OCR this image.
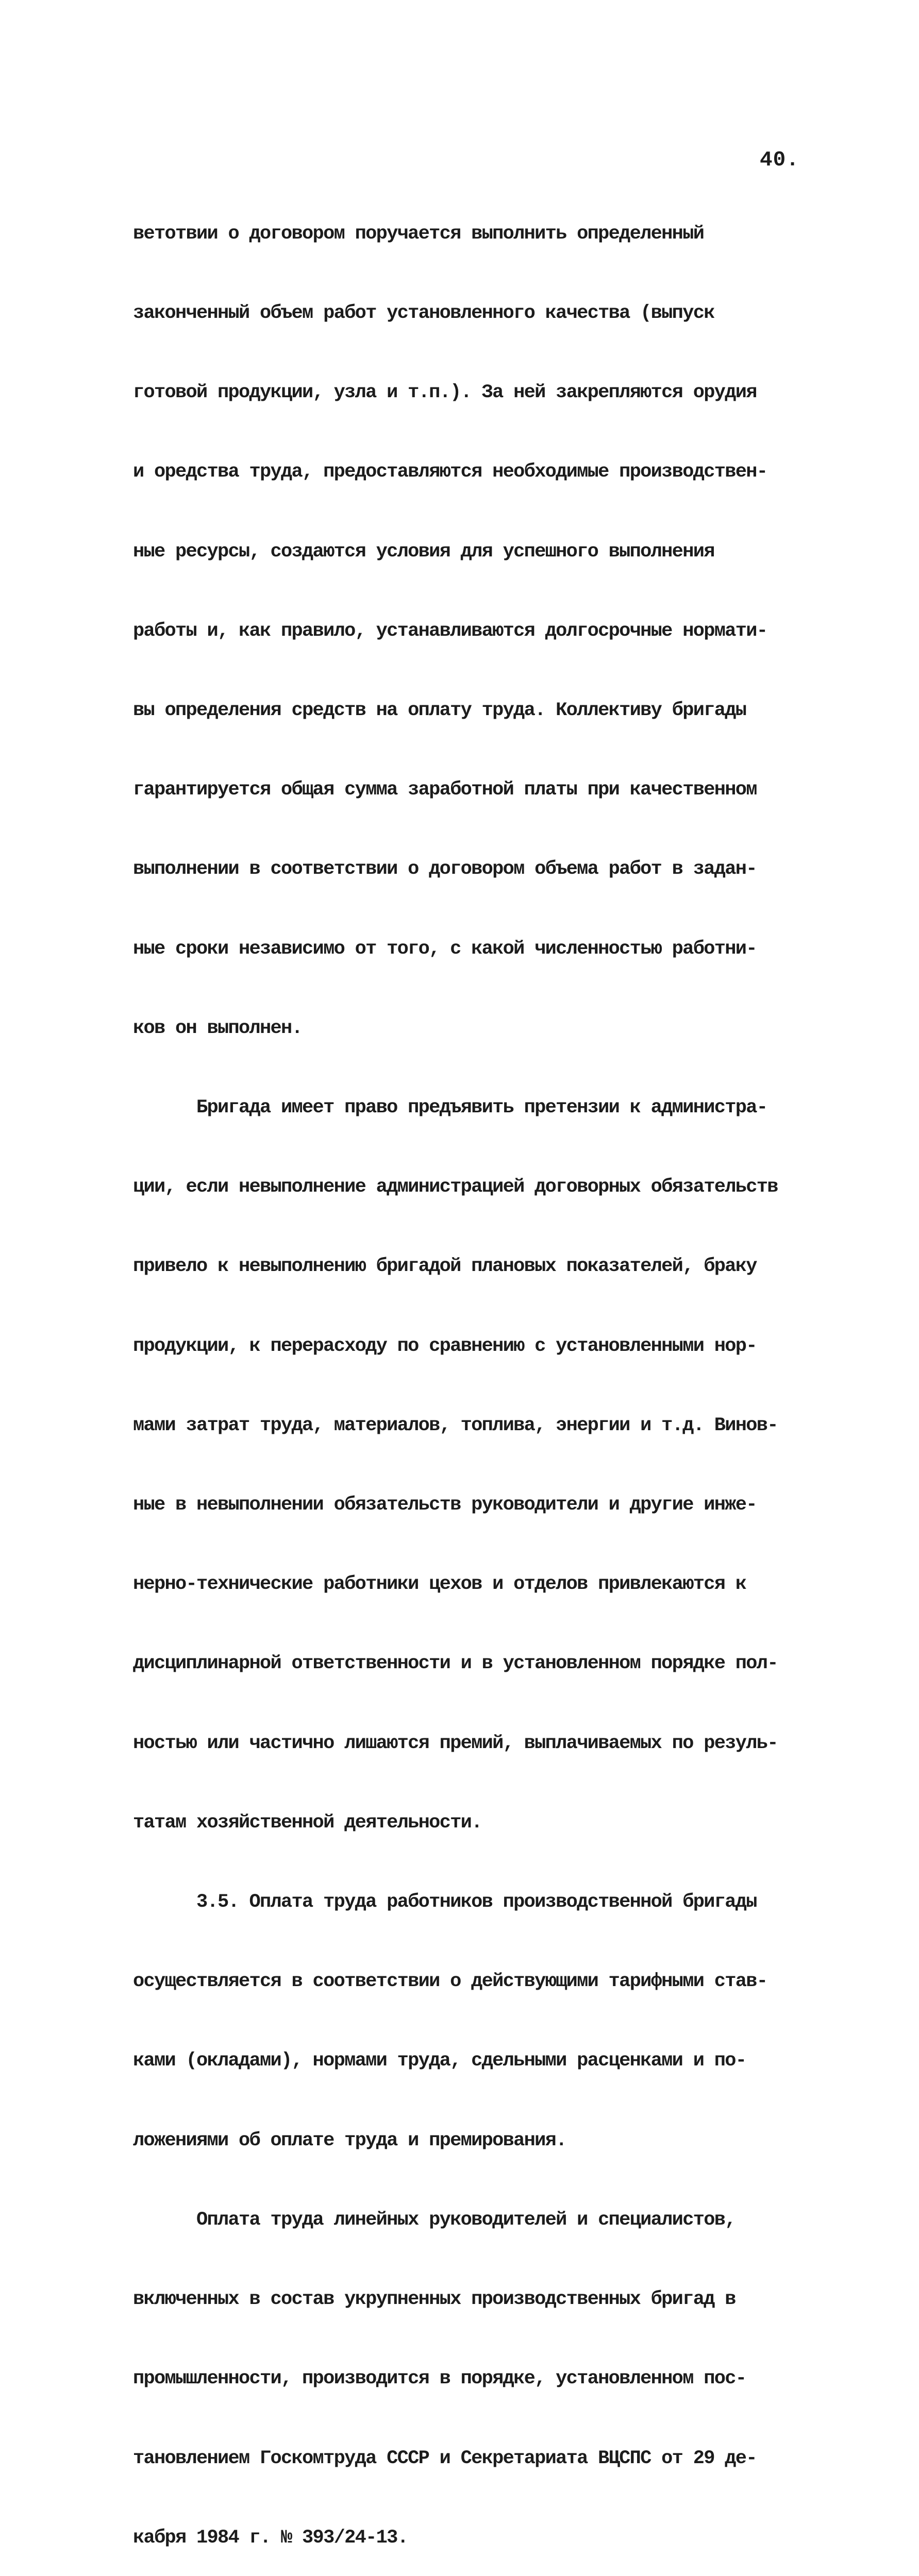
40.

ветотвии о договором поручается выполнить определенный

законченный объем работ установленного качества (выпуск

готовой продукции, узла и т.п.). За ней закрепляются орудия

и оредства труда, предоставляются необходимые производствен-

ные ресурсы, создаются условия для успешного выполнения

работы и, как правило, устанавливаются долгосрочные нормати-

вы определения средств на оплату труда. Коллективу бригады

гарантируется общая сумма заработной платы при качественном

выполнении в соответствии о договором объема работ в задан-

ные сроки независимо от того, с какой численностью работни-

ков он выполнен.

Бригада имеет право предъявить претензии к администра-

ции, если невыполнение администрацией договорных обязательств

привело к невыполнению бригадой плановых показателей, браку

продукции, к перерасходу по сравнению с установленными нор-

мами затрат труда, материалов, топлива, энергии и т.д. Винов-

ные в невыполнении обязательств руководители и другие инже-

нерно-технические работники цехов и отделов привлекаются к

дисциплинарной ответственности и в установленном порядке пол-

ностью или частично лишаются премий, выплачиваемых по резуль-

татам хозяйственной деятельности.

3.5. Оплата труда работников производственной бригады

осуществляется в соответствии о действующими тарифными став-

ками (окладами), нормами труда, сдельными расценками и по-

ложениями об оплате труда и премирования.

Оплата труда линейных руководителей и специалистов,

включенных в состав укрупненных производственных бригад в

промышленности, производится в порядке, установленном пос-

тановлением Госкомтруда СССР и Секретариата ВЦСПС от 29 де-

кабря 1984 г. № 393/24-13.
